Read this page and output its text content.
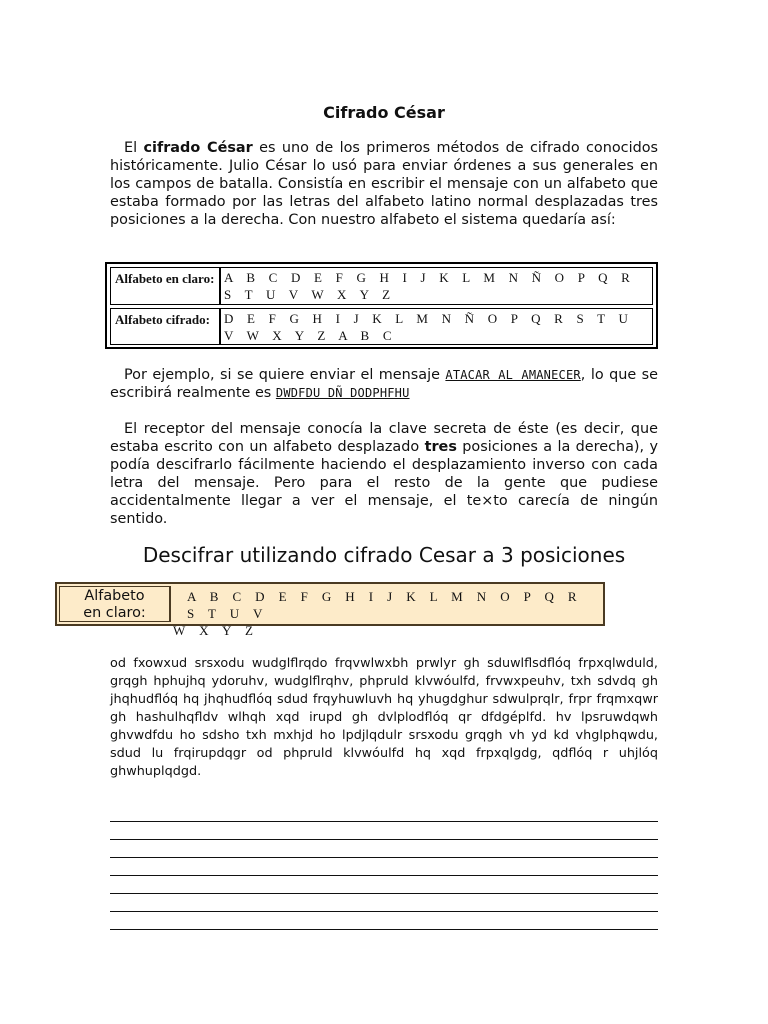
Cifrado César

El cifrado César es uno de los primeros métodos de cifrado conocidos históricamente. Julio César lo usó para enviar órdenes a sus generales en los campos de batalla. Consistía en escribir el mensaje con un alfabeto que estaba formado por las letras del alfabeto latino normal desplazadas tres posiciones a la derecha. Con nuestro alfabeto el sistema quedaría así:

Alfabeto en claro: A B C D E F G H I J K L M N Ñ O P Q R S T U V W X Y Z
Alfabeto cifrado:	D E F G H I J K L M N Ñ O P Q R S T U V W X Y Z A B C

Por ejemplo, si se quiere enviar el mensaje ATACAR AL AMANECER, lo que se escribirá realmente es DWDFDU DÑ DODPHFHU

El receptor del mensaje conocía la clave secreta de éste (es decir, que estaba escrito con un alfabeto desplazado tres posiciones a la derecha), y podía descifrarlo fácilmente haciendo el desplazamiento inverso con cada letra del mensaje. Pero para el resto de la gente que pudiese accidentalmente llegar a ver el mensaje, el te×to carecía de ningún sentido.

Descifrar utilizando cifrado Cesar a 3 posiciones
Alfabeto
en claro:
A B C D E F G H I J K L M N O P Q R S T U V
W X Y Z

od fxowxud srsxodu wudglflrqdo frqvwlwxbh prwlyr gh sduwlflsdflóq frpxqlwduld, grqgh hphujhq ydoruhv, wudglflrqhv, phpruld klvwóulfd, frvwxpeuhv, txh sdvdq gh jhqhudflóq hq jhqhudflóq sdud frqyhuwluvh hq yhugdghur sdwulprqlr, frpr frqmxqwr gh hashulhqfldv wlhqh xqd irupd gh dvlplodflóq qr dfdgéplfd. hv lpsruwdqwh ghvwdfdu ho sdsho txh mxhjd ho lpdjlqdulr srsxodu grqgh vh yd kd vhglphqwdu, sdud lu frqirupdqgr od phpruld klvwóulfd hq xqd frpxqlgdg, qdflóq r uhjlóq ghwhuplqdgd.
